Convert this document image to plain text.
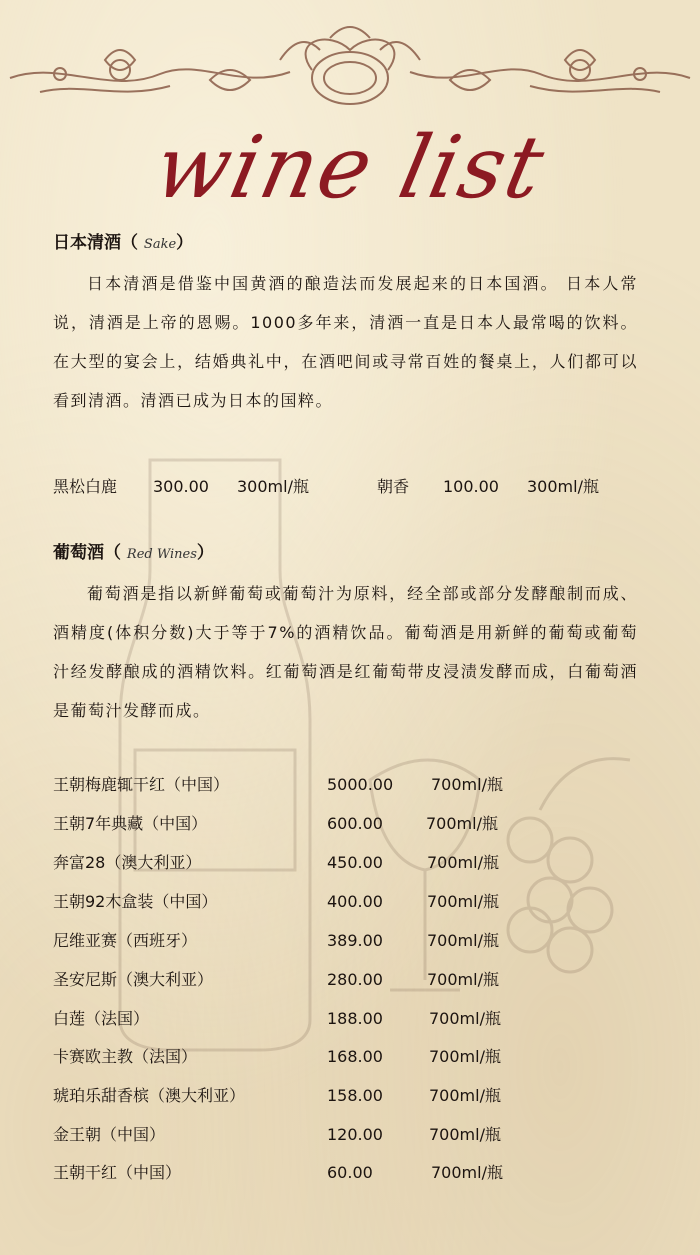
wine list
日本清酒（ Sake）

日本清酒是借鉴中国黄酒的酿造法而发展起来的日本国酒。 日本人常说，清酒是上帝的恩赐。1000多年来，清酒一直是日本人最常喝的饮料。在大型的宴会上，结婚典礼中，在酒吧间或寻常百姓的餐桌上，人们都可以看到清酒。清酒已成为日本的国粹。

黑松白鹿 300.00 300ml/瓶	朝香 100.00 300ml/瓶
葡萄酒（ Red Wines）

葡萄酒是指以新鲜葡萄或葡萄汁为原料，经全部或部分发酵酿制而成、酒精度(体积分数)大于等于7%的酒精饮品。葡萄酒是用新鲜的葡萄或葡萄汁经发酵酿成的酒精饮料。红葡萄酒是红葡萄带皮浸渍发酵而成，白葡萄酒是葡萄汁发酵而成。

王朝梅鹿辄干红（中国）	5000.00 700ml/瓶
王朝7年典藏（中国）	600.00	700ml/瓶
奔富28（澳大利亚）	450.00	700ml/瓶
王朝92木盒装（中国）	400.00	700ml/瓶
尼维亚赛（西班牙）	389.00	700ml/瓶
圣安尼斯（澳大利亚）	280.00	700ml/瓶
白莲（法国）	188.00	700ml/瓶
卡赛欧主教（法国）	168.00	700ml/瓶
琥珀乐甜香槟（澳大利亚）	158.00	700ml/瓶
金王朝（中国）	120.00	700ml/瓶
王朝干红（中国）	60.00	700ml/瓶
